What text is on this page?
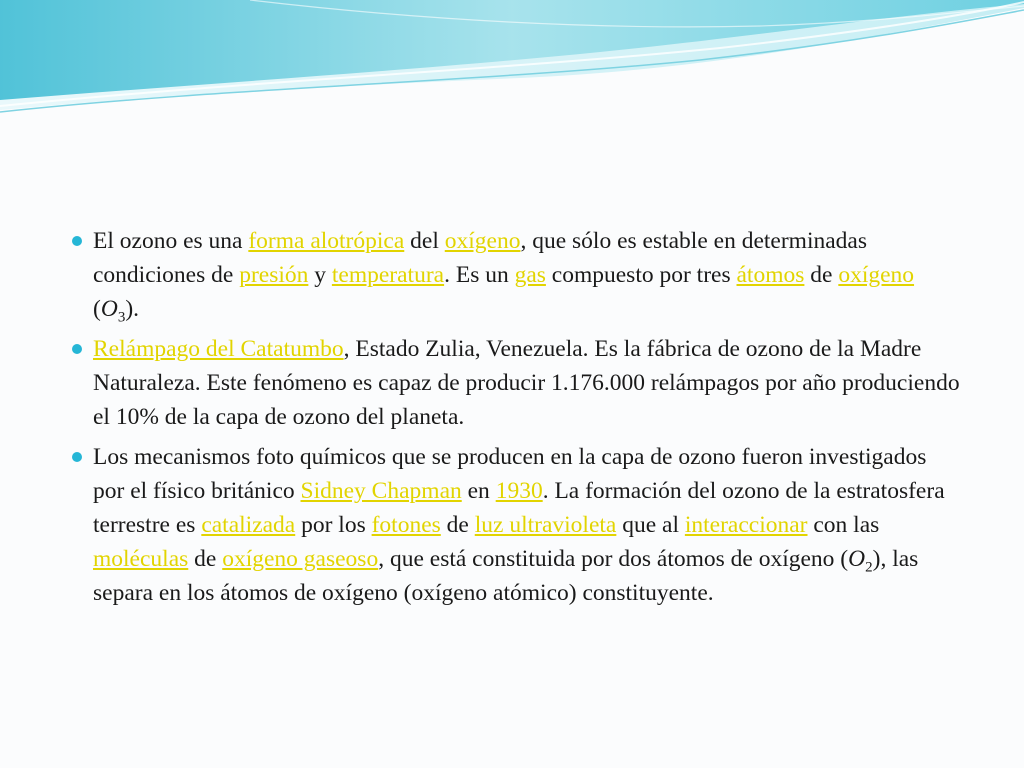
El ozono es una forma alotrópica del oxígeno, que sólo es estable en determinadas condiciones de presión y temperatura. Es un gas compuesto por tres átomos de oxígeno $(O_3)$.
Relámpago del Catatumbo, Estado Zulia, Venezuela. Es la fábrica de ozono de la Madre Naturaleza. Este fenómeno es capaz de producir 1.176.000 relámpagos por año produciendo el 10% de la capa de ozono del planeta.
Los mecanismos foto químicos que se producen en la capa de ozono fueron investigados por el físico británico Sidney Chapman en 1930. La formación del ozono de la estratosfera terrestre es catalizada por los fotones de luz ultravioleta que al interaccionar con las moléculas de oxígeno gaseoso, que está constituida por dos átomos de oxígeno $(O_2)$, las separa en los átomos de oxígeno (oxígeno atómico) constituyente.
